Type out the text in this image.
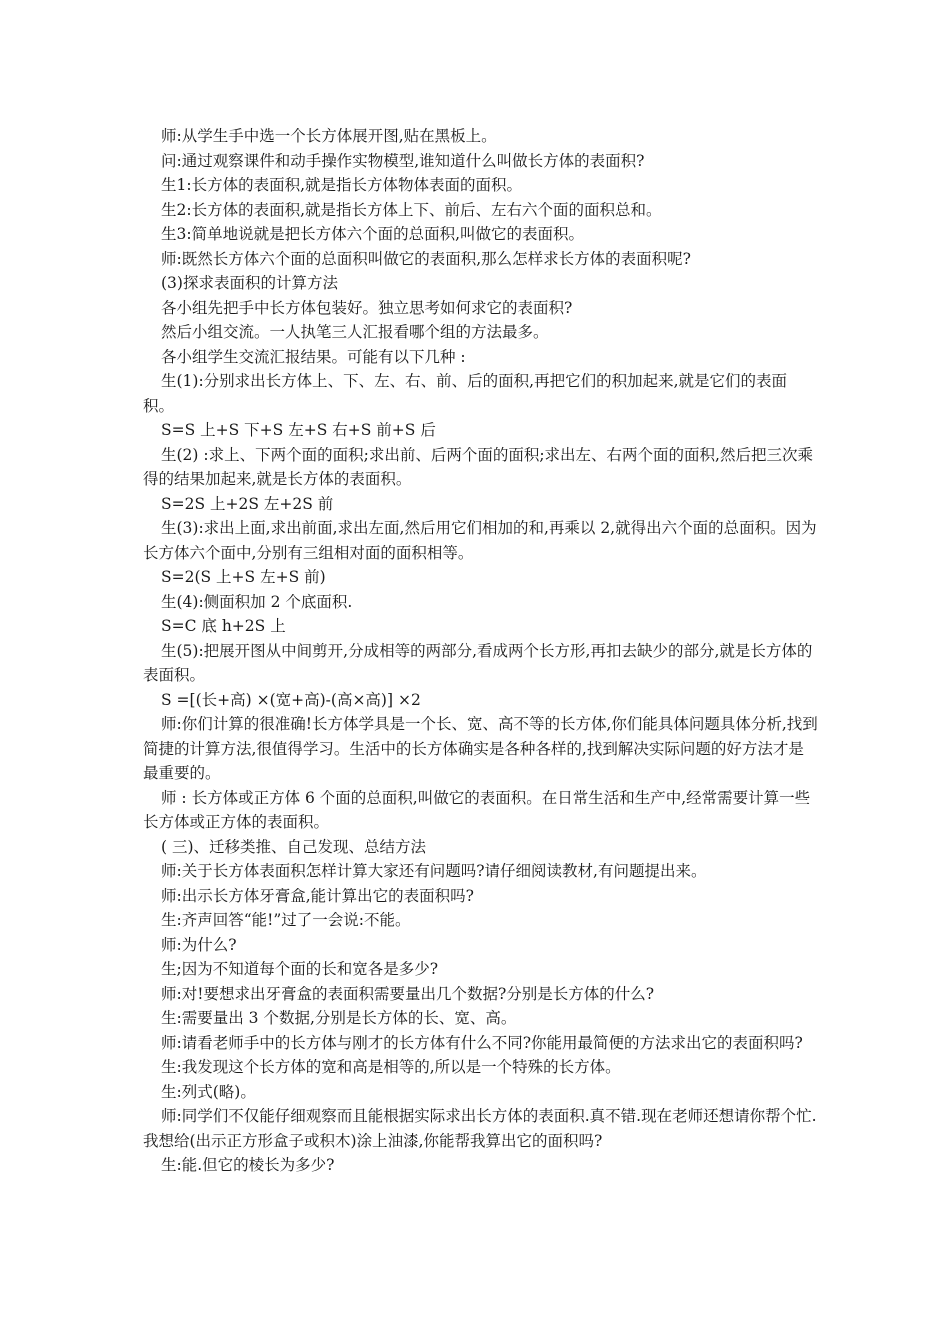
师:从学生手中选一个长方体展开图,贴在黑板上。

问:通过观察课件和动手操作实物模型,谁知道什么叫做长方体的表面积?

生1:长方体的表面积,就是指长方体物体表面的面积。

生2:长方体的表面积,就是指长方体上下、前后、左右六个面的面积总和。

生3:简单地说就是把长方体六个面的总面积,叫做它的表面积。

师:既然长方体六个面的总面积叫做它的表面积,那么怎样求长方体的表面积呢?

(3)探求表面积的计算方法

各小组先把手中长方体包装好。独立思考如何求它的表面积?

然后小组交流。一人执笔三人汇报看哪个组的方法最多。

各小组学生交流汇报结果。可能有以下几种 :

生(1):分别求出长方体上、下、左、右、前、后的面积,再把它们的积加起来,就是它们的表面积。

S=S 上+S 下+S 左+S 右+S 前+S 后

生(2) :求上、下两个面的面积;求出前、后两个面的面积;求出左、右两个面的面积,然后把三次乘得的结果加起来,就是长方体的表面积。

S=2S 上+2S 左+2S 前

生(3):求出上面,求出前面,求出左面,然后用它们相加的和,再乘以 2,就得出六个面的总面积。因为长方体六个面中,分别有三组相对面的面积相等。

S=2(S 上+S 左+S 前)

生(4):侧面积加 2 个底面积.

S=C 底 h+2S 上

生(5):把展开图从中间剪开,分成相等的两部分,看成两个长方形,再扣去缺少的部分,就是长方体的表面积。

S =[(长+高) ×(宽+高)-(高×高)] ×2

师:你们计算的很准确!长方体学具是一个长、宽、高不等的长方体,你们能具体问题具体分析,找到简捷的计算方法,很值得学习。生活中的长方体确实是各种各样的,找到解决实际问题的好方法才是最重要的。

师 : 长方体或正方体 6 个面的总面积,叫做它的表面积。在日常生活和生产中,经常需要计算一些长方体或正方体的表面积。

( 三)、迁移类推、自己发现、总结方法

师:关于长方体表面积怎样计算大家还有问题吗?请仔细阅读教材,有问题提出来。

师:出示长方体牙膏盒,能计算出它的表面积吗?

生:齐声回答“能!”过了一会说:不能。

师:为什么?

生;因为不知道每个面的长和宽各是多少?

师:对!要想求出牙膏盒的表面积需要量出几个数据?分别是长方体的什么?

生:需要量出 3 个数据,分别是长方体的长、宽、高。

师:请看老师手中的长方体与刚才的长方体有什么不同?你能用最简便的方法求出它的表面积吗?

生:我发现这个长方体的宽和高是相等的,所以是一个特殊的长方体。

生:列式(略)。

师:同学们不仅能仔细观察而且能根据实际求出长方体的表面积.真不错.现在老师还想请你帮个忙.我想给(出示正方形盒子或积木)涂上油漆,你能帮我算出它的面积吗?

生:能.但它的棱长为多少?
